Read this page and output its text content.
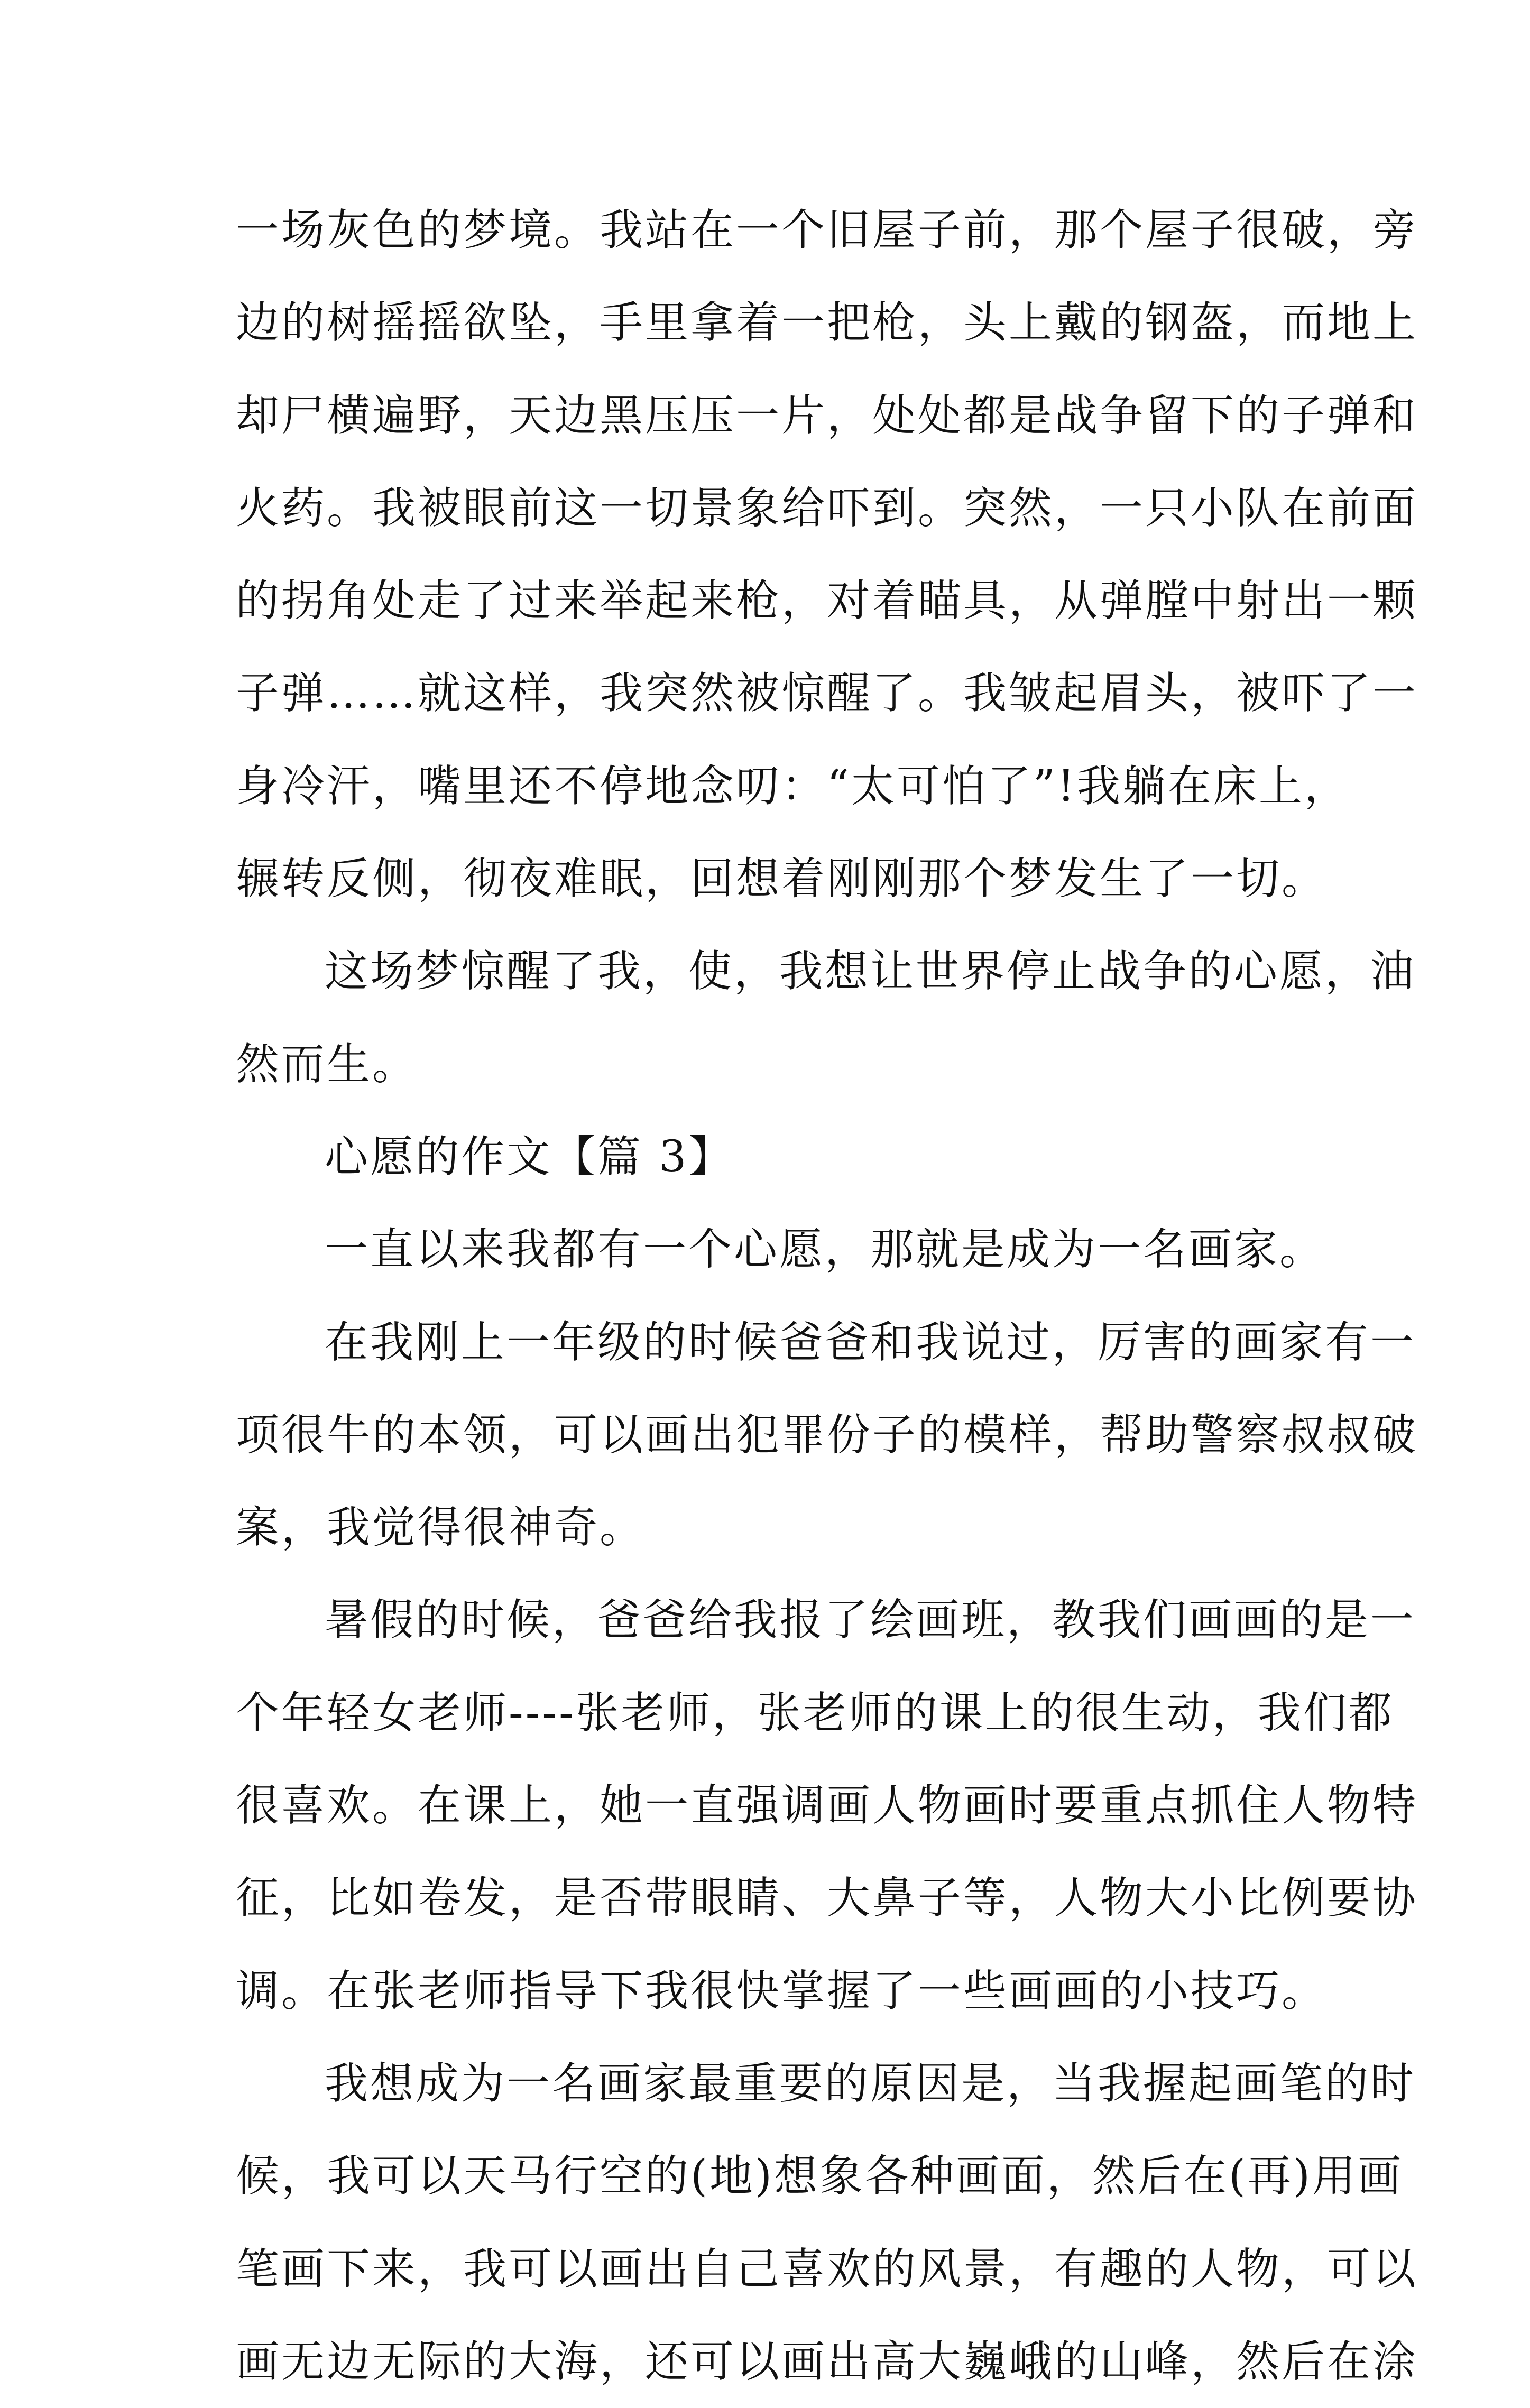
一场灰色的梦境。我站在一个旧屋子前，那个屋子很破，旁
边的树摇摇欲坠，手里拿着一把枪，头上戴的钢盔，而地上
却尸横遍野，天边黑压压一片，处处都是战争留下的子弹和
火药。我被眼前这一切景象给吓到。突然，一只小队在前面
的拐角处走了过来举起来枪，对着瞄具，从弹膛中射出一颗
子弹……就这样，我突然被惊醒了。我皱起眉头，被吓了一
身冷汗，嘴里还不停地念叨：“太可怕了”!我躺在床上，
辗转反侧，彻夜难眠，回想着刚刚那个梦发生了一切。
这场梦惊醒了我，使，我想让世界停止战争的心愿，油
然而生。
心愿的作文【篇 3】
一直以来我都有一个心愿，那就是成为一名画家。
在我刚上一年级的时候爸爸和我说过，厉害的画家有一
项很牛的本领，可以画出犯罪份子的模样，帮助警察叔叔破
案，我觉得很神奇。
暑假的时候，爸爸给我报了绘画班，教我们画画的是一
个年轻女老师----张老师，张老师的课上的很生动，我们都
很喜欢。在课上，她一直强调画人物画时要重点抓住人物特
征，比如卷发，是否带眼睛、大鼻子等，人物大小比例要协
调。在张老师指导下我很快掌握了一些画画的小技巧。
我想成为一名画家最重要的原因是，当我握起画笔的时
候，我可以天马行空的(地)想象各种画面，然后在(再)用画
笔画下来，我可以画出自己喜欢的风景，有趣的人物，可以
画无边无际的大海，还可以画出高大巍峨的山峰，然后在涂
